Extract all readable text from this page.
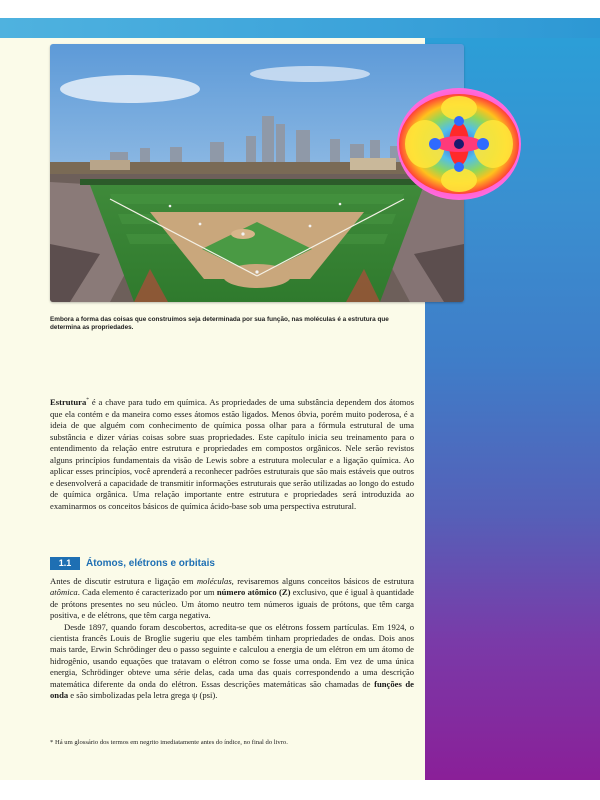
Embora a forma das coisas que construímos seja determinada por sua função, nas moléculas é a estrutura que determina as propriedades.

Estrutura* é a chave para tudo em química. As propriedades de uma substância dependem dos átomos que ela contém e da maneira como esses átomos estão ligados. Menos óbvia, porém muito poderosa, é a ideia de que alguém com conhecimento de química possa olhar para a fórmula estrutural de uma substância e dizer várias coisas sobre suas propriedades. Este capítulo inicia seu treinamento para o entendimento da relação entre estrutura e propriedades em compostos orgânicos. Nele serão revistos alguns princípios fundamentais da visão de Lewis sobre a estrutura molecular e a ligação química. Ao aplicar esses princípios, você aprenderá a reconhecer padrões estruturais que são mais estáveis que outros e desenvolverá a capacidade de transmitir informações estruturais que serão utilizadas ao longo do estudo de química orgânica. Uma relação importante entre estrutura e propriedades será introduzida ao examinarmos os conceitos básicos de química ácido-base sob uma perspectiva estrutural.

1.1	Átomos, elétrons e orbitais

Antes de discutir estrutura e ligação em moléculas, revisaremos alguns conceitos básicos de estrutura atômica. Cada elemento é caracterizado por um número atômico (Z) exclusivo, que é igual à quantidade de prótons presentes no seu núcleo. Um átomo neutro tem números iguais de prótons, que têm carga positiva, e de elétrons, que têm carga negativa.

Desde 1897, quando foram descobertos, acredita-se que os elétrons fossem partículas. Em 1924, o cientista francês Louis de Broglie sugeriu que eles também tinham propriedades de ondas. Dois anos mais tarde, Erwin Schrödinger deu o passo seguinte e calculou a energia de um elétron em um átomo de hidrogênio, usando equações que tratavam o elétron como se fosse uma onda. Em vez de uma única energia, Schrödinger obteve uma série delas, cada uma das quais correspondendo a uma descrição matemática diferente da onda do elétron. Essas descrições matemáticas são chamadas de funções de onda e são simbolizadas pela letra grega ψ (psi).

* Há um glossário dos termos em negrito imediatamente antes do índice, no final do livro.
